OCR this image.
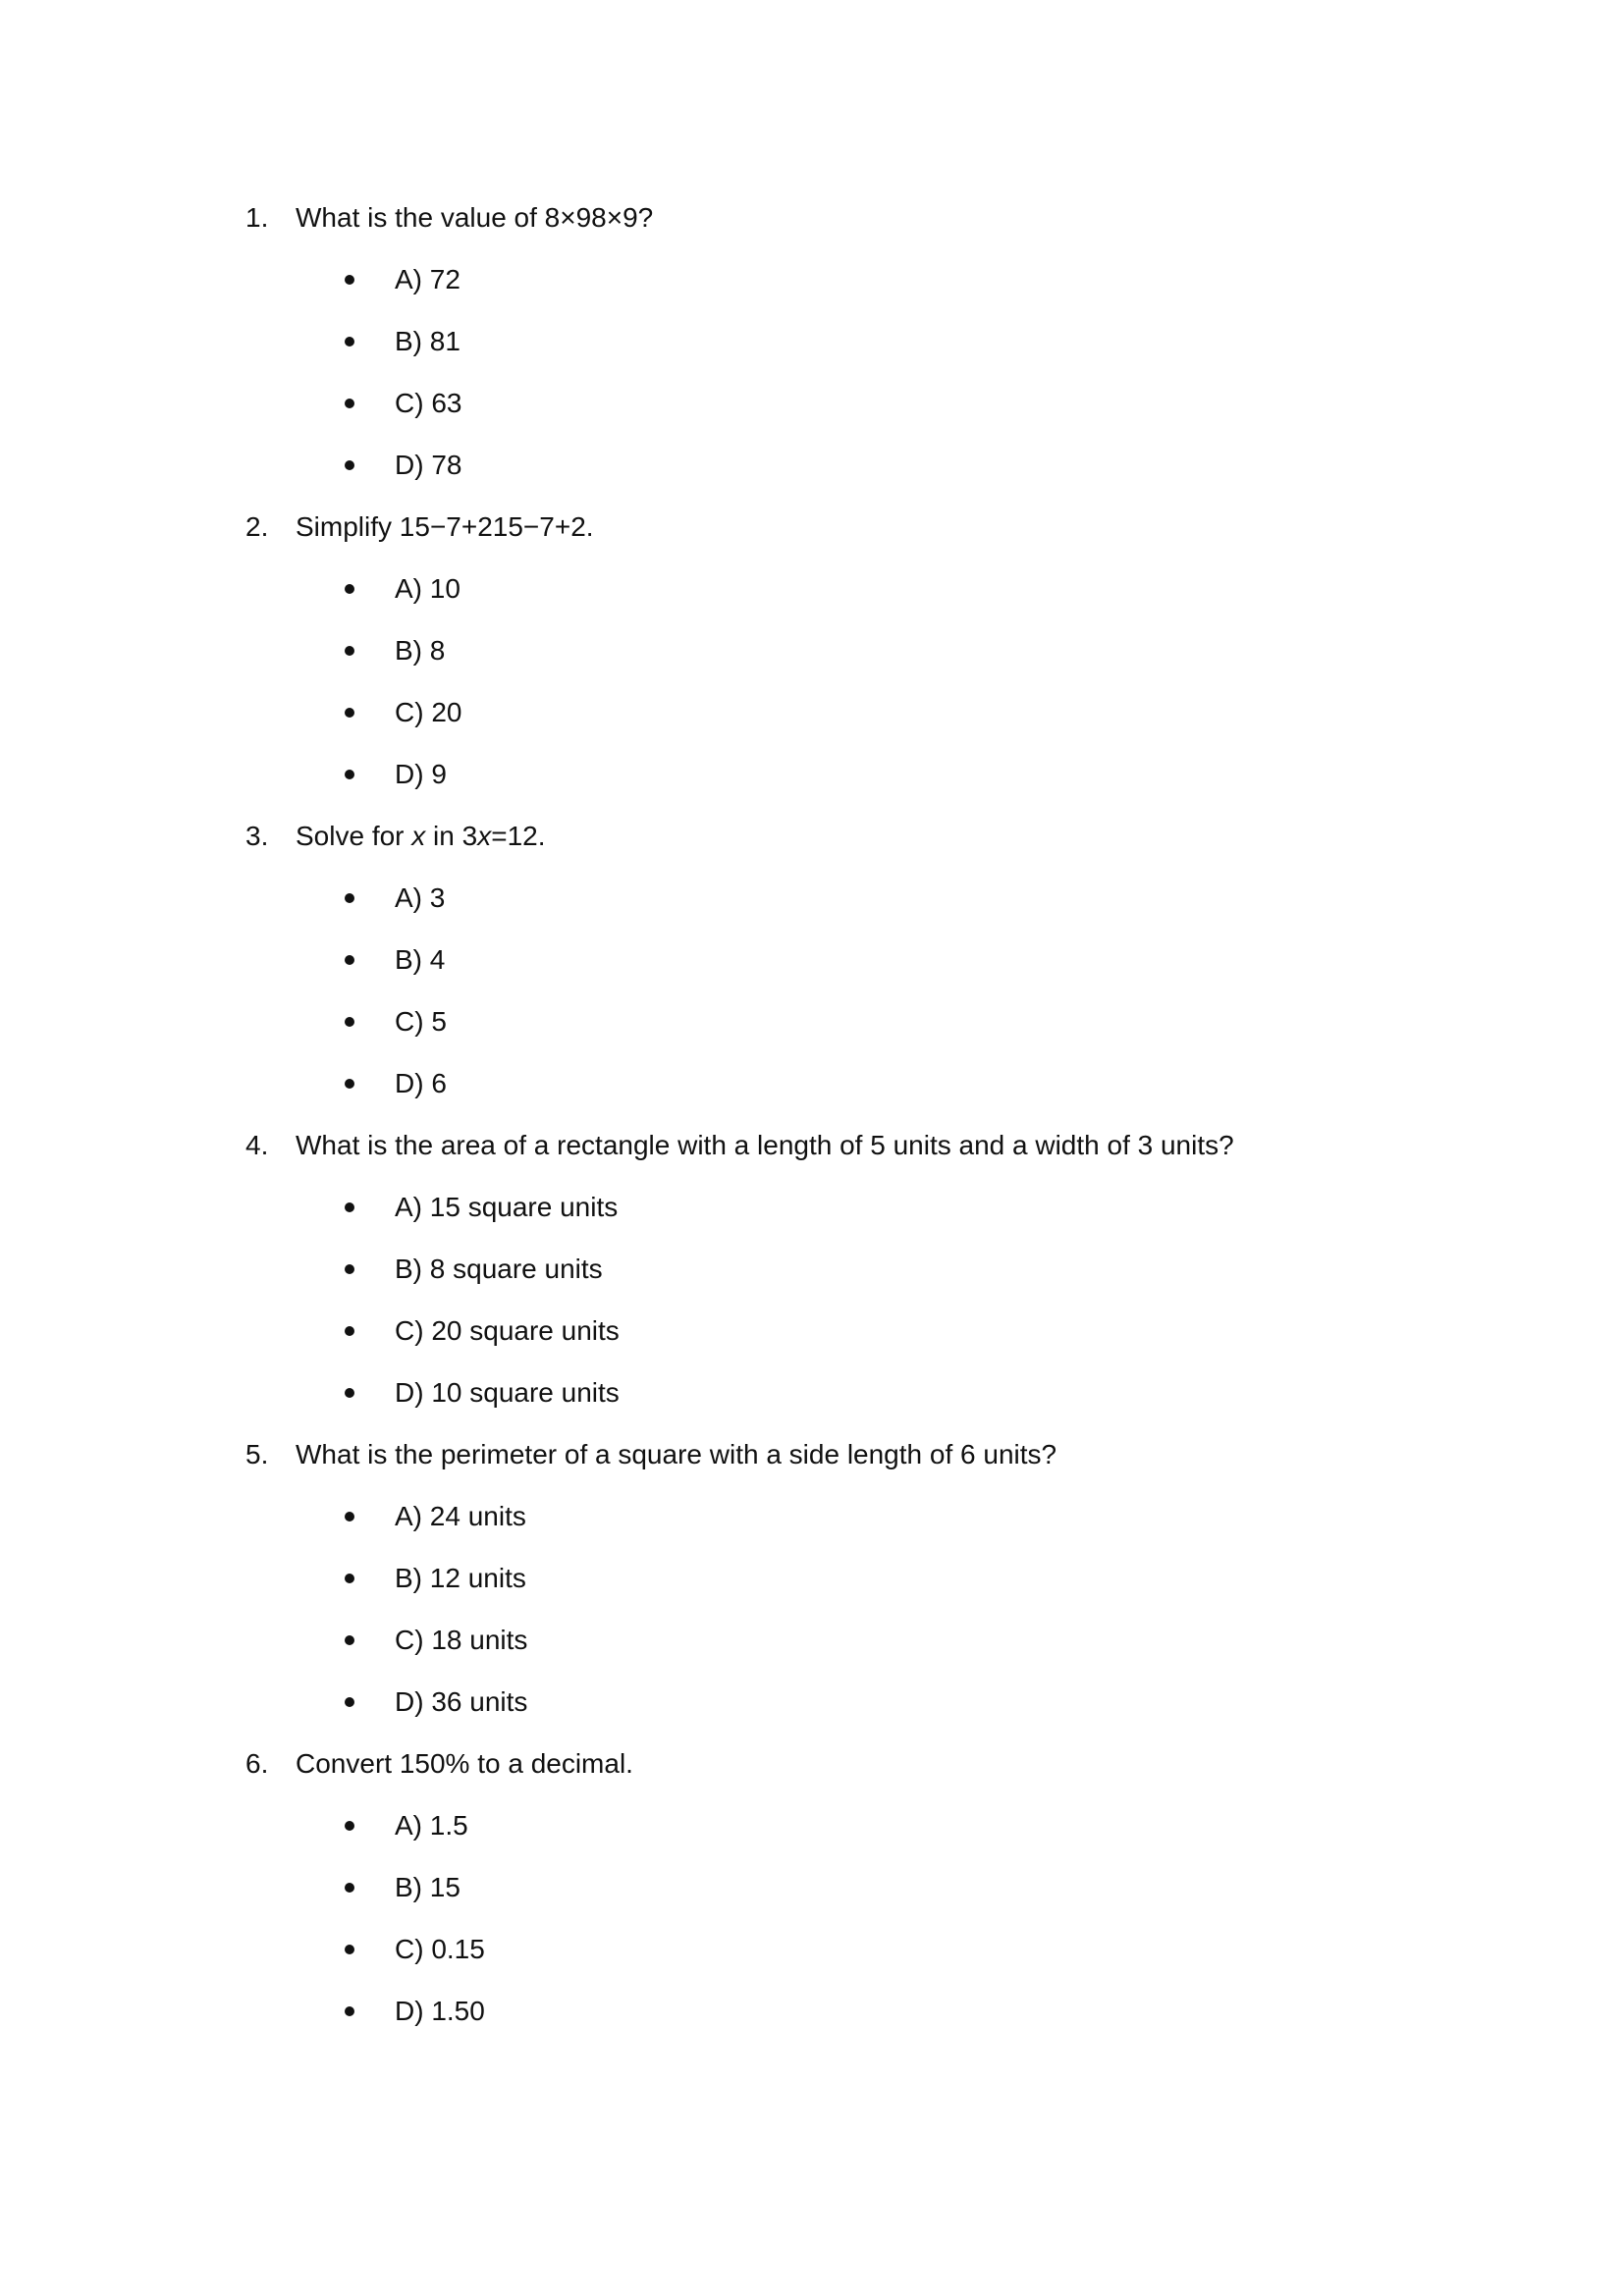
1. What is the value of 8×98×9?
A) 72
B) 81
C) 63
D) 78
2. Simplify 15−7+215−7+2.
A) 10
B) 8
C) 20
D) 9
3. Solve for x in 3x=12.
A) 3
B) 4
C) 5
D) 6
4. What is the area of a rectangle with a length of 5 units and a width of 3 units?
A) 15 square units
B) 8 square units
C) 20 square units
D) 10 square units
5. What is the perimeter of a square with a side length of 6 units?
A) 24 units
B) 12 units
C) 18 units
D) 36 units
6. Convert 150% to a decimal.
A) 1.5
B) 15
C) 0.15
D) 1.50
